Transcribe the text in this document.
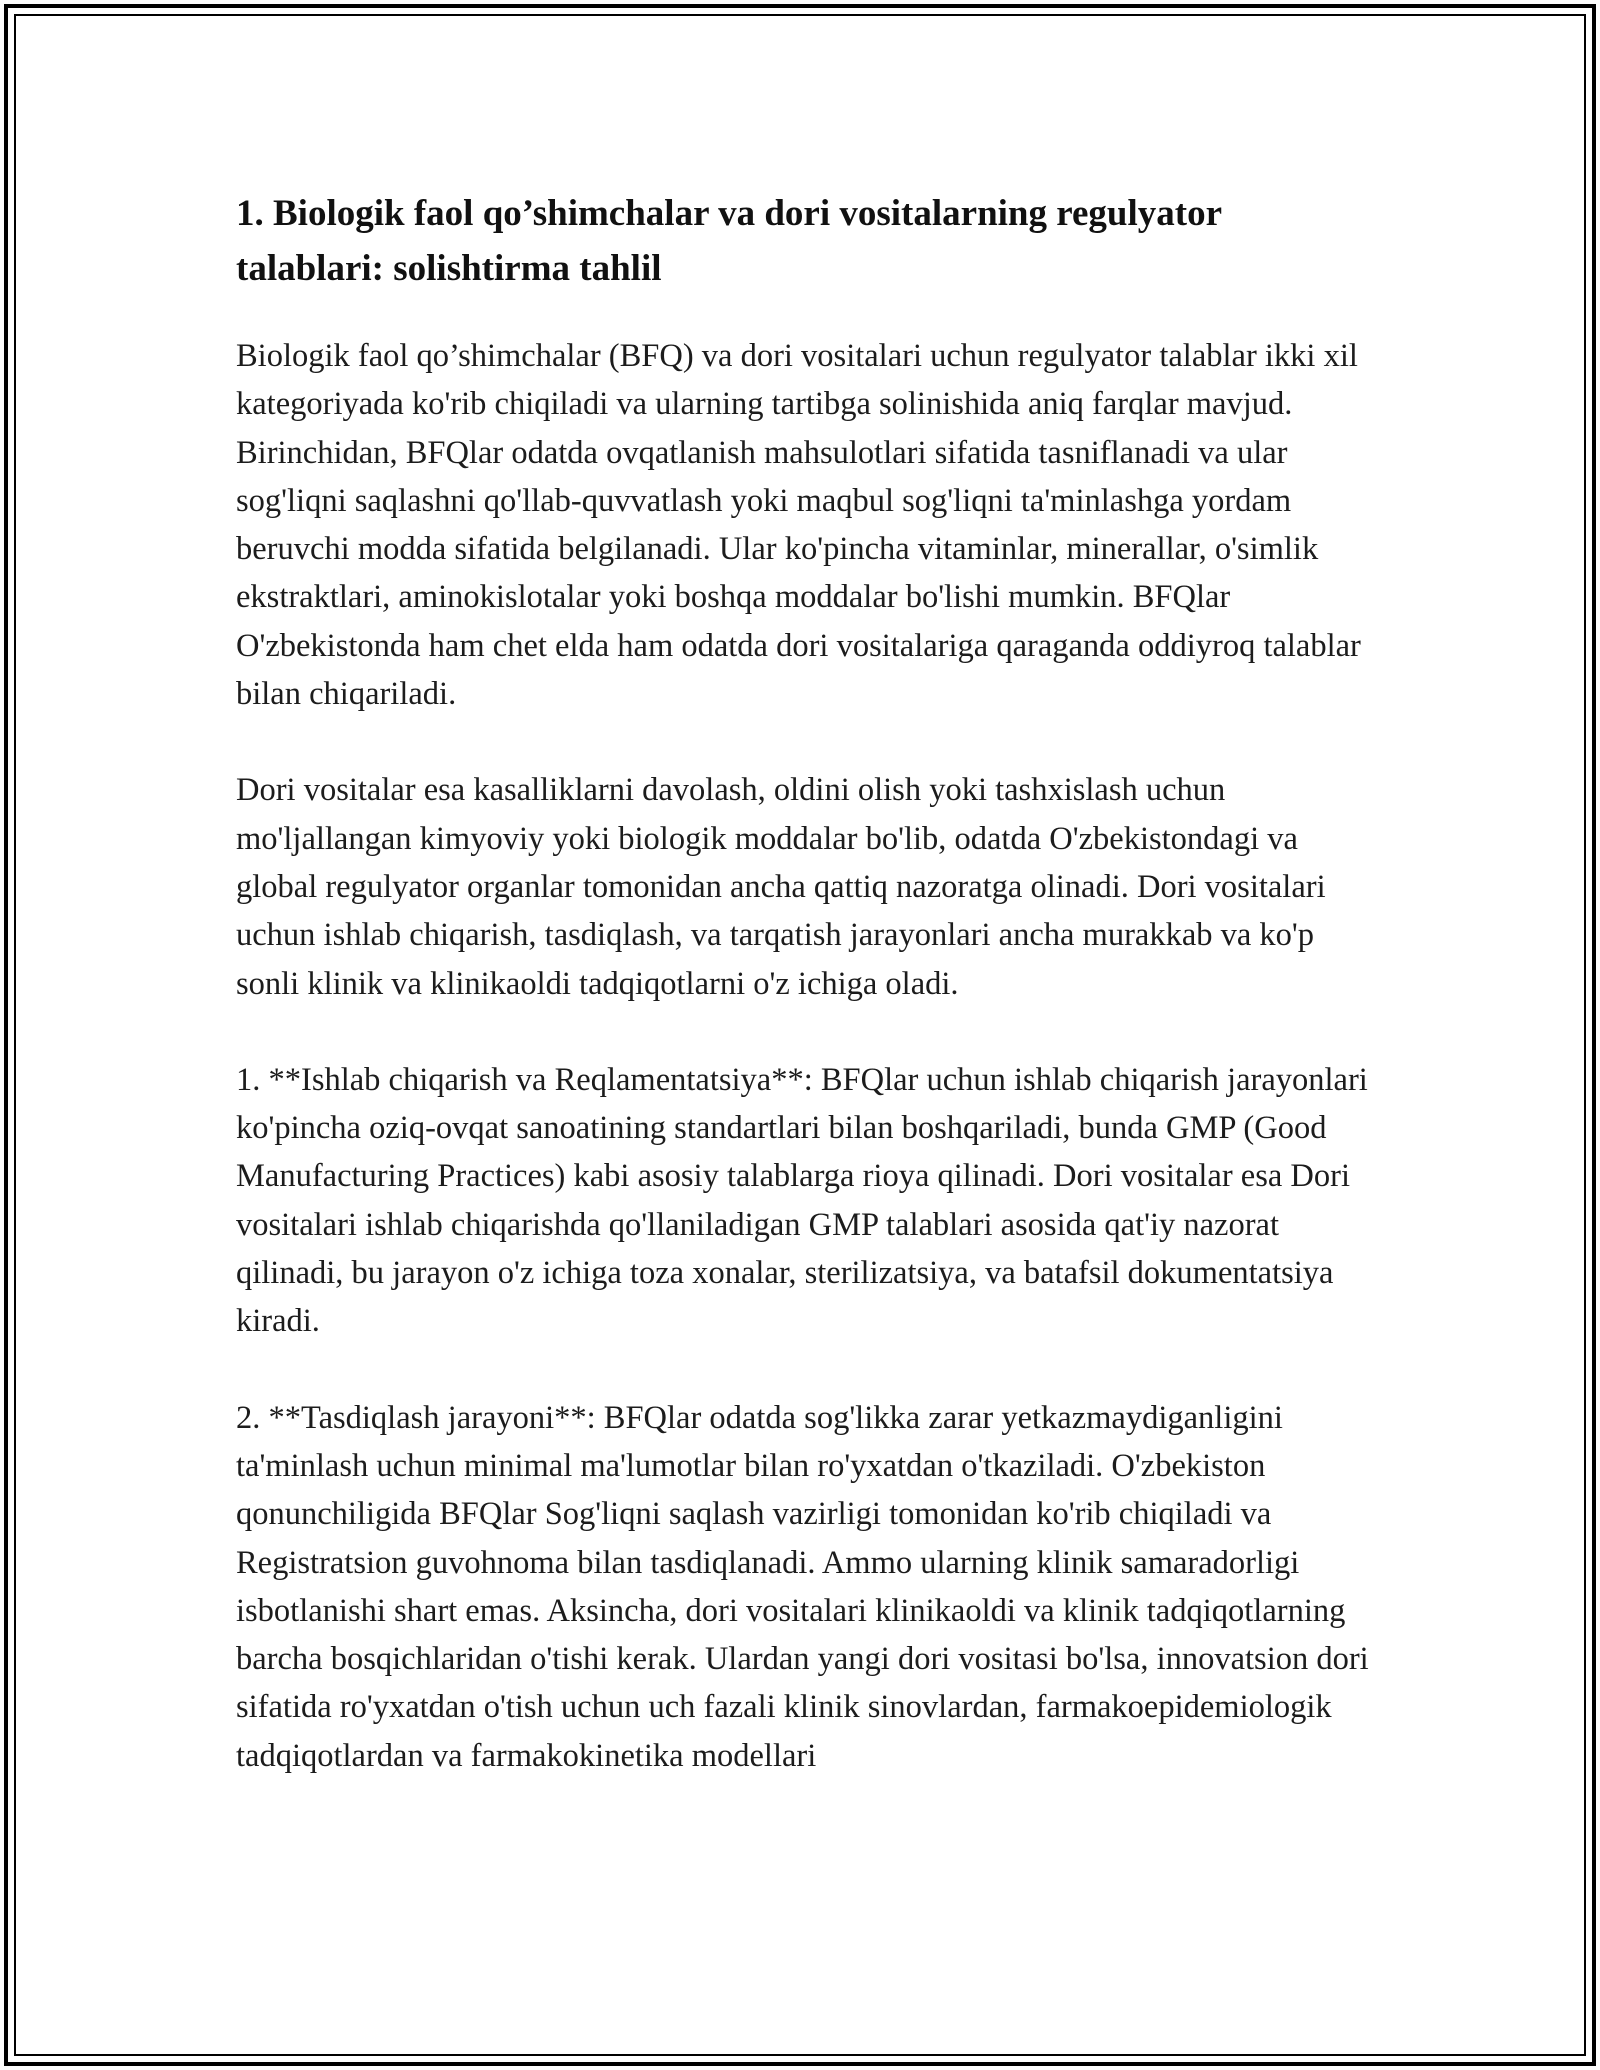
1. Biologik faol qo’shimchalar va dori vositalarning regulyator talablari: solishtirma tahlil

Biologik faol qo’shimchalar (BFQ) va dori vositalari uchun regulyator talablar ikki xil kategoriyada ko'rib chiqiladi va ularning tartibga solinishida aniq farqlar mavjud. Birinchidan, BFQlar odatda ovqatlanish mahsulotlari sifatida tasniflanadi va ular sog'liqni saqlashni qo'llab-quvvatlash yoki maqbul sog'liqni ta'minlashga yordam beruvchi modda sifatida belgilanadi. Ular ko'pincha vitaminlar, minerallar, o'simlik ekstraktlari, aminokislotalar yoki boshqa moddalar bo'lishi mumkin. BFQlar O'zbekistonda ham chet elda ham odatda dori vositalariga qaraganda oddiyroq talablar bilan chiqariladi.

Dori vositalar esa kasalliklarni davolash, oldini olish yoki tashxislash uchun mo'ljallangan kimyoviy yoki biologik moddalar bo'lib, odatda O'zbekistondagi va global regulyator organlar tomonidan ancha qattiq nazoratga olinadi. Dori vositalari uchun ishlab chiqarish, tasdiqlash, va tarqatish jarayonlari ancha murakkab va ko'p sonli klinik va klinikaoldi tadqiqotlarni o'z ichiga oladi.

1. **Ishlab chiqarish va Reqlamentatsiya**: BFQlar uchun ishlab chiqarish jarayonlari ko'pincha oziq-ovqat sanoatining standartlari bilan boshqariladi, bunda GMP (Good Manufacturing Practices) kabi asosiy talablarga rioya qilinadi. Dori vositalar esa Dori vositalari ishlab chiqarishda qo'llaniladigan GMP talablari asosida qat'iy nazorat qilinadi, bu jarayon o'z ichiga toza xonalar, sterilizatsiya, va batafsil dokumentatsiya kiradi.

2. **Tasdiqlash jarayoni**: BFQlar odatda sog'likka zarar yetkazmaydiganligini ta'minlash uchun minimal ma'lumotlar bilan ro'yxatdan o'tkaziladi. O'zbekiston qonunchiligida BFQlar Sog'liqni saqlash vazirligi tomonidan ko'rib chiqiladi va Registratsion guvohnoma bilan tasdiqlanadi. Ammo ularning klinik samaradorligi isbotlanishi shart emas. Aksincha, dori vositalari klinikaoldi va klinik tadqiqotlarning barcha bosqichlaridan o'tishi kerak. Ulardan yangi dori vositasi bo'lsa, innovatsion dori sifatida ro'yxatdan o'tish uchun uch fazali klinik sinovlardan, farmakoepidemiologik tadqiqotlardan va farmakokinetika modellari
